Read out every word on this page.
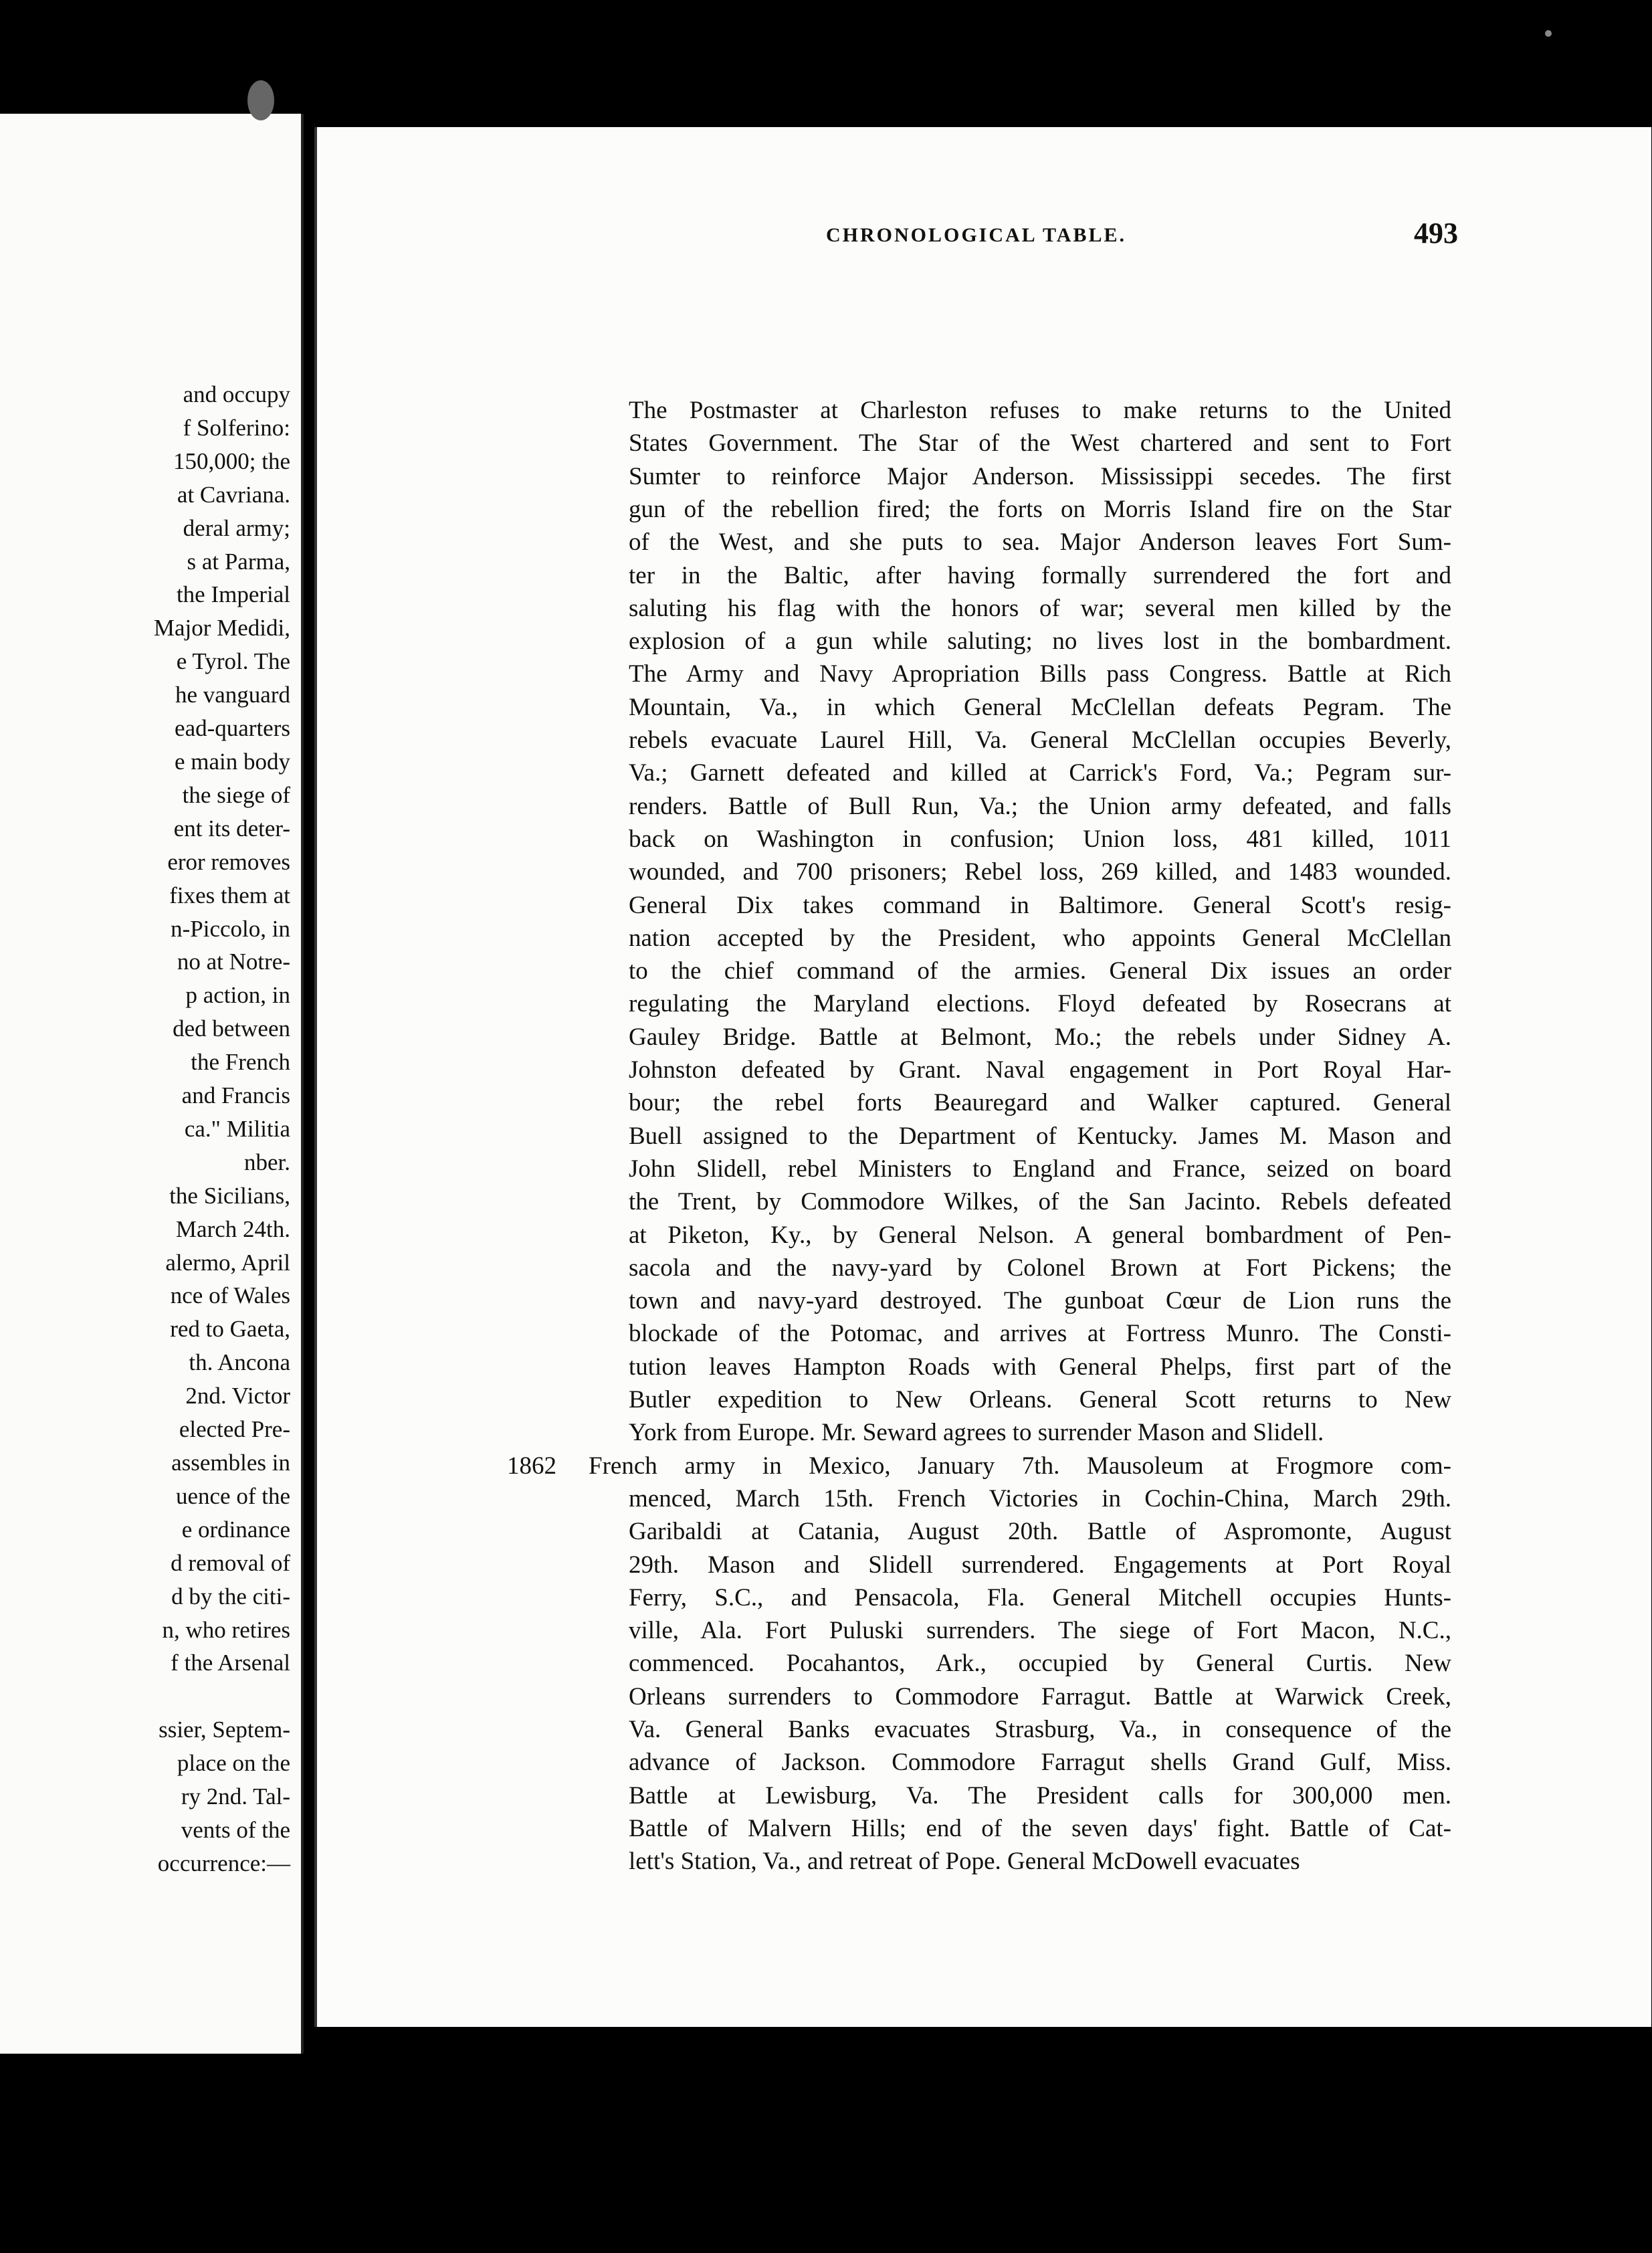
and occupy
f Solferino:
150,000; the
at Cavriana.
deral army;
s at Parma,
the Imperial
Major Medidi,
e Tyrol. The
he vanguard
ead-quarters
e main body
the siege of
ent its deter-
eror removes
fixes them at
n-Piccolo, in
no at Notre-
p action, in
ded between
the French
and Francis
ca." Militia
nber.
the Sicilians,
March 24th.
alermo, April
nce of Wales
red to Gaeta,
th. Ancona
2nd. Victor
elected Pre-
assembles in
uence of the
e ordinance
d removal of
d by the citi-
n, who retires
f the Arsenal

ssier, Septem-
place on the
ry 2nd. Tal-
vents of the
occurrence:—
CHRONOLOGICAL TABLE.	493
The Postmaster at Charleston refuses to make returns to the United
States Government. The Star of the West chartered and sent to Fort
Sumter to reinforce Major Anderson. Mississippi secedes. The first
gun of the rebellion fired; the forts on Morris Island fire on the Star
of the West, and she puts to sea. Major Anderson leaves Fort Sum-
ter in the Baltic, after having formally surrendered the fort and
saluting his flag with the honors of war; several men killed by the
explosion of a gun while saluting; no lives lost in the bombardment.
The Army and Navy Apropriation Bills pass Congress. Battle at Rich
Mountain, Va., in which General McClellan defeats Pegram. The
rebels evacuate Laurel Hill, Va. General McClellan occupies Beverly,
Va.; Garnett defeated and killed at Carrick's Ford, Va.; Pegram sur-
renders. Battle of Bull Run, Va.; the Union army defeated, and falls
back on Washington in confusion; Union loss, 481 killed, 1011
wounded, and 700 prisoners; Rebel loss, 269 killed, and 1483 wounded.
General Dix takes command in Baltimore. General Scott's resig-
nation accepted by the President, who appoints General McClellan
to the chief command of the armies. General Dix issues an order
regulating the Maryland elections. Floyd defeated by Rosecrans at
Gauley Bridge. Battle at Belmont, Mo.; the rebels under Sidney A.
Johnston defeated by Grant. Naval engagement in Port Royal Har-
bour; the rebel forts Beauregard and Walker captured. General
Buell assigned to the Department of Kentucky. James M. Mason and
John Slidell, rebel Ministers to England and France, seized on board
the Trent, by Commodore Wilkes, of the San Jacinto. Rebels defeated
at Piketon, Ky., by General Nelson. A general bombardment of Pen-
sacola and the navy-yard by Colonel Brown at Fort Pickens; the
town and navy-yard destroyed. The gunboat Cœur de Lion runs the
blockade of the Potomac, and arrives at Fortress Munro. The Consti-
tution leaves Hampton Roads with General Phelps, first part of the
Butler expedition to New Orleans. General Scott returns to New
York from Europe. Mr. Seward agrees to surrender Mason and Slidell.
French army in Mexico, January 7th. Mausoleum at Frogmore com-
menced, March 15th. French Victories in Cochin-China, March 29th.
Garibaldi at Catania, August 20th. Battle of Aspromonte, August
29th. Mason and Slidell surrendered. Engagements at Port Royal
Ferry, S.C., and Pensacola, Fla. General Mitchell occupies Hunts-
ville, Ala. Fort Puluski surrenders. The siege of Fort Macon, N.C.,
commenced. Pocahantos, Ark., occupied by General Curtis. New
Orleans surrenders to Commodore Farragut. Battle at Warwick Creek,
Va. General Banks evacuates Strasburg, Va., in consequence of the
advance of Jackson. Commodore Farragut shells Grand Gulf, Miss.
Battle at Lewisburg, Va. The President calls for 300,000 men.
Battle of Malvern Hills; end of the seven days' fight. Battle of Cat-
lett's Station, Va., and retreat of Pope. General McDowell evacuates
1862
